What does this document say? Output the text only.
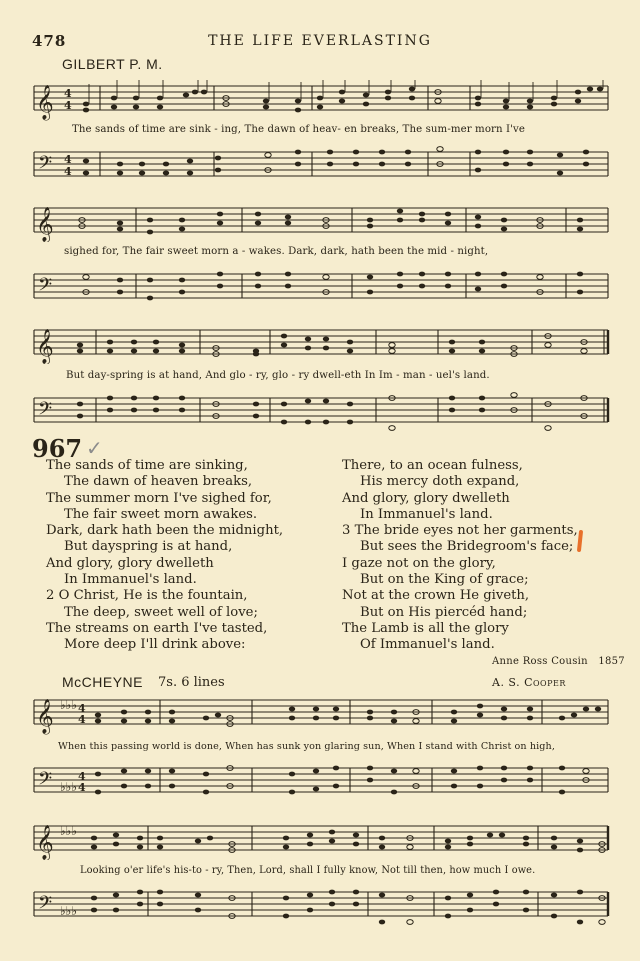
478	THE LIFE EVERLASTING
GILBERT P. M.
𝄞 4
4
The sands of time are sink - ing, The dawn of heav- en breaks, The sum-mer morn I've
𝄢 4
4
𝄞
sighed for, The fair sweet morn a - wakes. Dark, dark, hath been the mid - night,
𝄢
𝄞
But day-spring is at hand, And glo - ry, glo - ry dwell-eth In Im - man - uel's land.
𝄢
967 ✓
The sands of time are sinking,
The dawn of heaven breaks,
The summer morn I've sighed for,
The fair sweet morn awakes.
Dark, dark hath been the midnight,
But dayspring is at hand,
And glory, glory dwelleth
In Immanuel's land.
2 O Christ, He is the fountain,
The deep, sweet well of love;
The streams on earth I've tasted,
More deep I'll drink above:
There, to an ocean fulness,
His mercy doth expand,
And glory, glory dwelleth
In Immanuel's land.
3 The bride eyes not her garments,
But sees the Bridegroom's face;
I gaze not on the glory,
But on the King of grace;
Not at the crown He giveth,
But on His piercéd hand;
The Lamb is all the glory
Of Immanuel's land.
Anne Ross Cousin 1857
McCHEYNE 7s. 6 lines	A. S. Cooper
𝄞 ♭♭♭ 4
4
When this passing world is done, When has sunk yon glaring sun, When I stand with Christ on high,
𝄢 ♭♭♭
4
4
𝄞 ♭♭♭
Looking o'er life's his-to - ry, Then, Lord, shall I fully know, Not till then, how much I owe.
𝄢 ♭♭♭
